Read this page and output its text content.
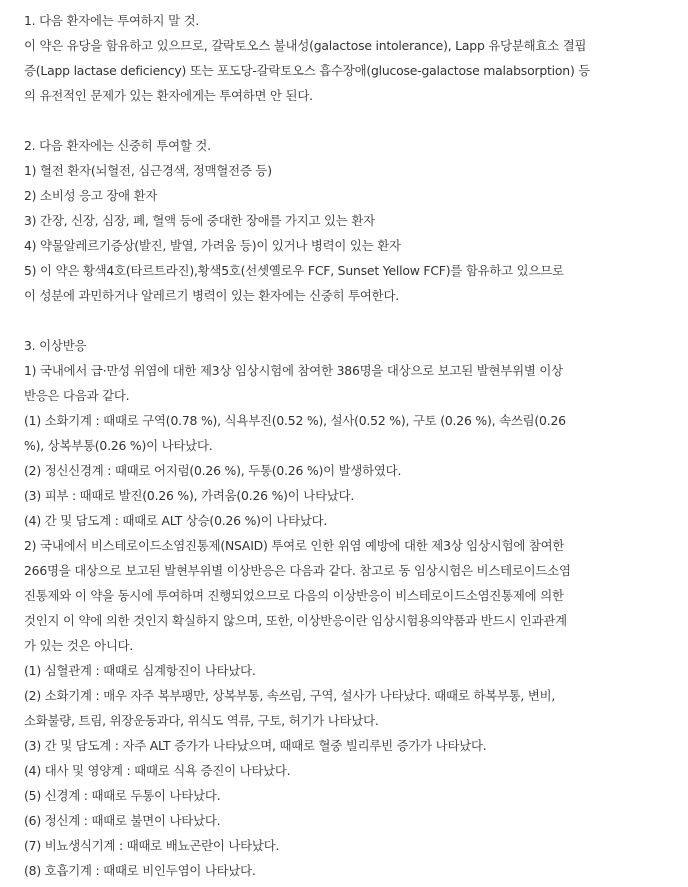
1. 다음 환자에는 투여하지 말 것.
이 약은 유당을 함유하고 있으므로, 갈락토오스 불내성(galactose intolerance), Lapp 유당분해효소 결핍
증(Lapp lactase deficiency) 또는 포도당-갈락토오스 흡수장애(glucose-galactose malabsorption) 등
의 유전적인 문제가 있는 환자에게는 투여하면 안 된다.
2. 다음 환자에는 신중히 투여할 것.
1) 혈전 환자(뇌혈전, 심근경색, 정맥혈전증 등)
2) 소비성 응고 장애 환자
3) 간장, 신장, 심장, 폐, 혈액 등에 중대한 장애를 가지고 있는 환자
4) 약물알레르기증상(발진, 발열, 가려움 등)이 있거나 병력이 있는 환자
5) 이 약은 황색4호(타르트라진),황색5호(선셋옐로우 FCF, Sunset Yellow FCF)를 함유하고 있으므로
이 성분에 과민하거나 알레르기 병력이 있는 환자에는 신중히 투여한다.
3. 이상반응
1) 국내에서 급·만성 위염에 대한 제3상 임상시험에 참여한 386명을 대상으로 보고된 발현부위별 이상
반응은 다음과 같다.
(1) 소화기계 : 때때로 구역(0.78 %), 식욕부진(0.52 %), 설사(0.52 %), 구토 (0.26 %), 속쓰림(0.26
%), 상복부통(0.26 %)이 나타났다.
(2) 정신신경계 : 때때로 어지럼(0.26 %), 두통(0.26 %)이 발생하였다.
(3) 피부 : 때때로 발진(0.26 %), 가려움(0.26 %)이 나타났다.
(4) 간 및 담도계 : 때때로 ALT 상승(0.26 %)이 나타났다.
2) 국내에서 비스테로이드소염진통제(NSAID) 투여로 인한 위염 예방에 대한 제3상 임상시험에 참여한
266명을 대상으로 보고된 발현부위별 이상반응은 다음과 같다. 참고로 동 임상시험은 비스테로이드소염
진통제와 이 약을 동시에 투여하며 진행되었으므로 다음의 이상반응이 비스테로이드소염진통제에 의한
것인지 이 약에 의한 것인지 확실하지 않으며, 또한, 이상반응이란 임상시험용의약품과 반드시 인과관계
가 있는 것은 아니다.
(1) 심혈관계 : 때때로 심계항진이 나타났다.
(2) 소화기계 : 매우 자주 복부팽만, 상복부통, 속쓰림, 구역, 설사가 나타났다. 때때로 하복부통, 변비,
소화불량, 트림, 위장운동과다, 위식도 역류, 구토, 허기가 나타났다.
(3) 간 및 담도계 : 자주 ALT 증가가 나타났으며, 때때로 혈중 빌리루빈 증가가 나타났다.
(4) 대사 및 영양계 : 때때로 식욕 증진이 나타났다.
(5) 신경계 : 때때로 두통이 나타났다.
(6) 정신계 : 때때로 불면이 나타났다.
(7) 비뇨생식기계 : 때때로 배뇨곤란이 나타났다.
(8) 호흡기계 : 때때로 비인두염이 나타났다.
